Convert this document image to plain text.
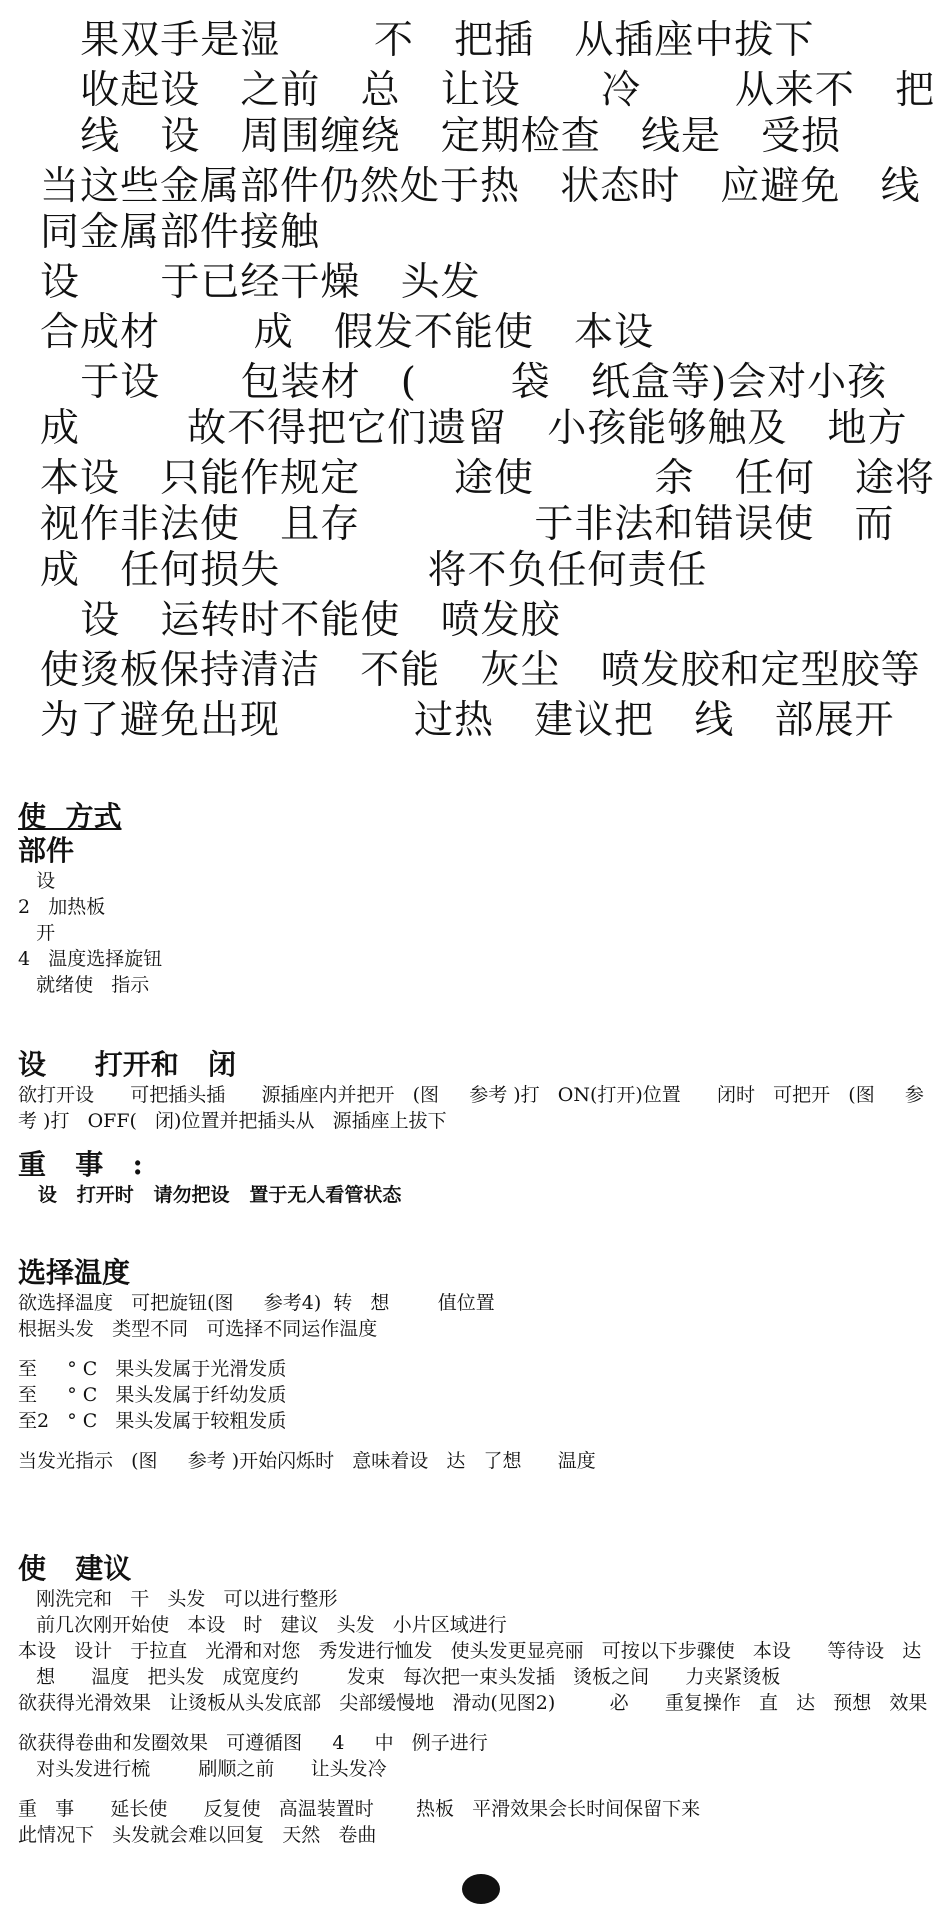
果双手是湿       不   把插   从插座中拔下
收起设   之前   总   让设      冷       从来不   把
线   设   周围缠绕   定期检查   线是   受损
当这些金属部件仍然处于热   状态时   应避免   线
同金属部件接触
设      于已经干燥   头发
合成材       成   假发不能使   本设
于设      包装材   (       袋   纸盒等)会对小孩
成        故不得把它们遗留   小孩能够触及   地方
本设   只能作规定       途使         余   任何   途将
视作非法使   且存             于非法和错误使   而
成   任何损失           将不负任何责任
设   运转时不能使   喷发胶
使烫板保持清洁   不能   灰尘   喷发胶和定型胶等
为了避免出现          过热   建议把   线   部展开
使  方式
部件
设
2   加热板
开
4   温度选择旋钮
就绪使   指示
设     打开和   闭
欲打开设      可把插头插      源插座内并把开   (图     参考 )打   ON(打开)位置      闭时   可把开   (图     参
考 )打   OFF(   闭)位置并把插头从   源插座上拔下
重   事   :
设   打开时   请勿把设   置于无人看管状态
选择温度
欲选择温度   可把旋钮(图     参考4)  转   想        值位置
根据头发   类型不同   可选择不同运作温度
至     ° C   果头发属于光滑发质
至     ° C   果头发属于纤幼发质
至2   ° C   果头发属于较粗发质
当发光指示   (图     参考 )开始闪烁时   意味着设   达   了想      温度
使   建议
刚洗完和   干   头发   可以进行整形
前几次刚开始使   本设   时   建议   头发   小片区域进行
本设   设计   于拉直   光滑和对您   秀发进行恤发   使头发更显亮丽   可按以下步骤使   本设      等待设   达
想      温度   把头发   成宽度约        发束   每次把一束头发插   烫板之间      力夹紧烫板
欲获得光滑效果   让烫板从头发底部   尖部缓慢地   滑动(见图2)         必      重复操作   直   达   预想   效果
欲获得卷曲和发圈效果   可遵循图     4     中   例子进行
对头发进行梳        刷顺之前      让头发冷
重   事      延长使      反复使   高温装置时       热板   平滑效果会长时间保留下来
此情况下   头发就会难以回复   天然   卷曲
